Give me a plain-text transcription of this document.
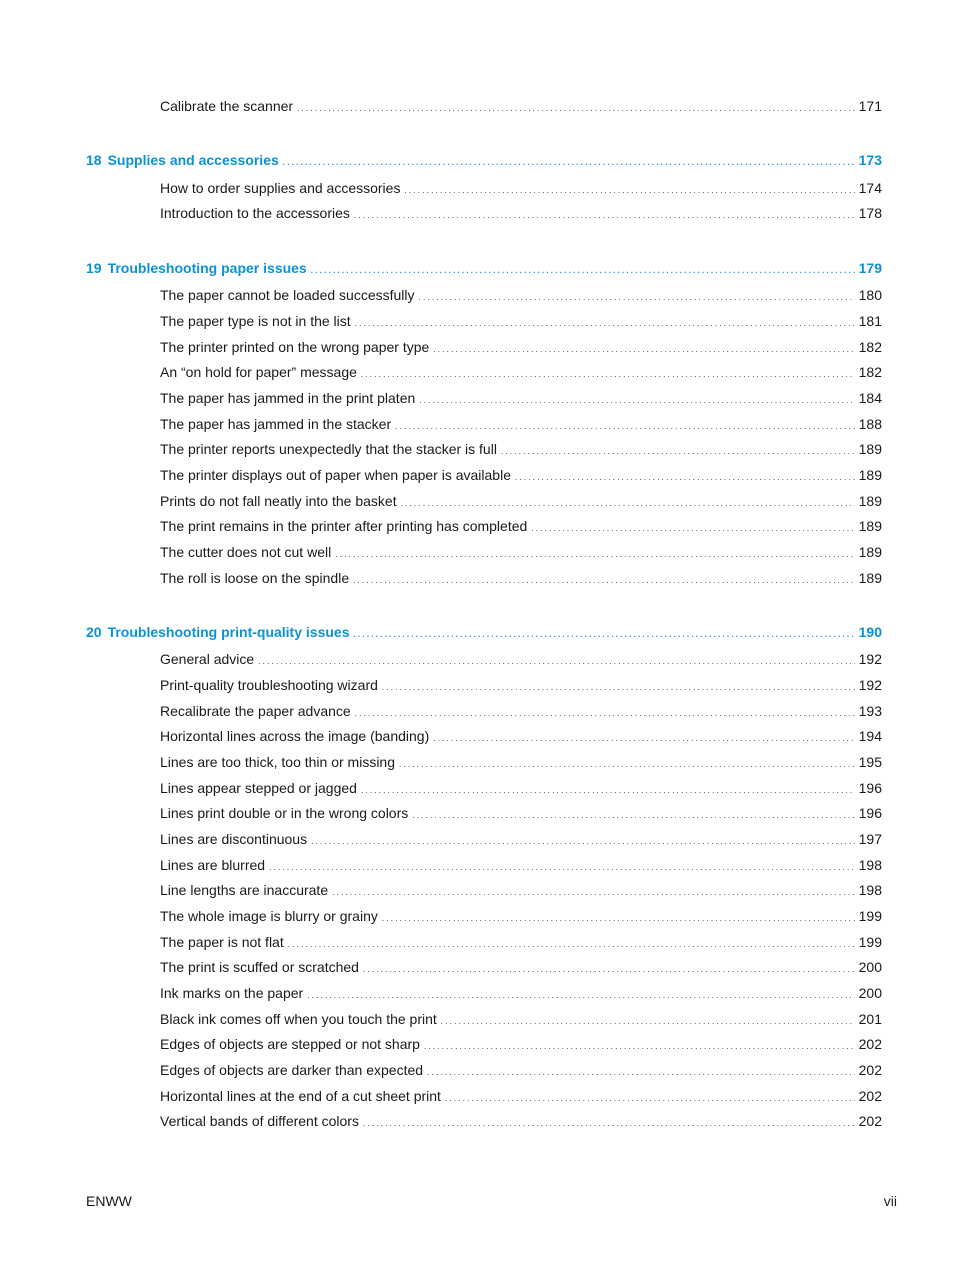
Calibrate the scanner . . .	171
18 Supplies and accessories . . .	173
How to order supplies and accessories . . .	174
Introduction to the accessories . . .	178
19 Troubleshooting paper issues . . .	179
The paper cannot be loaded successfully . . .	180
The paper type is not in the list . . .	181
The printer printed on the wrong paper type . . .	182
An “on hold for paper” message . . .	182
The paper has jammed in the print platen . . .	184
The paper has jammed in the stacker . . .	188
The printer reports unexpectedly that the stacker is full . . .	189
The printer displays out of paper when paper is available . . .	189
Prints do not fall neatly into the basket . . .	189
The print remains in the printer after printing has completed . . .	189
The cutter does not cut well . . .	189
The roll is loose on the spindle . . .	189
20 Troubleshooting print-quality issues . . .	190
General advice . . .	192
Print-quality troubleshooting wizard . . .	192
Recalibrate the paper advance . . .	193
Horizontal lines across the image (banding) . . .	194
Lines are too thick, too thin or missing . . .	195
Lines appear stepped or jagged . . .	196
Lines print double or in the wrong colors . . .	196
Lines are discontinuous . . .	197
Lines are blurred . . .	198
Line lengths are inaccurate . . .	198
The whole image is blurry or grainy . . .	199
The paper is not flat . . .	199
The print is scuffed or scratched . . .	200
Ink marks on the paper . . .	200
Black ink comes off when you touch the print . . .	201
Edges of objects are stepped or not sharp . . .	202
Edges of objects are darker than expected . . .	202
Horizontal lines at the end of a cut sheet print . . .	202
Vertical bands of different colors . . .	202
ENWW	vii
